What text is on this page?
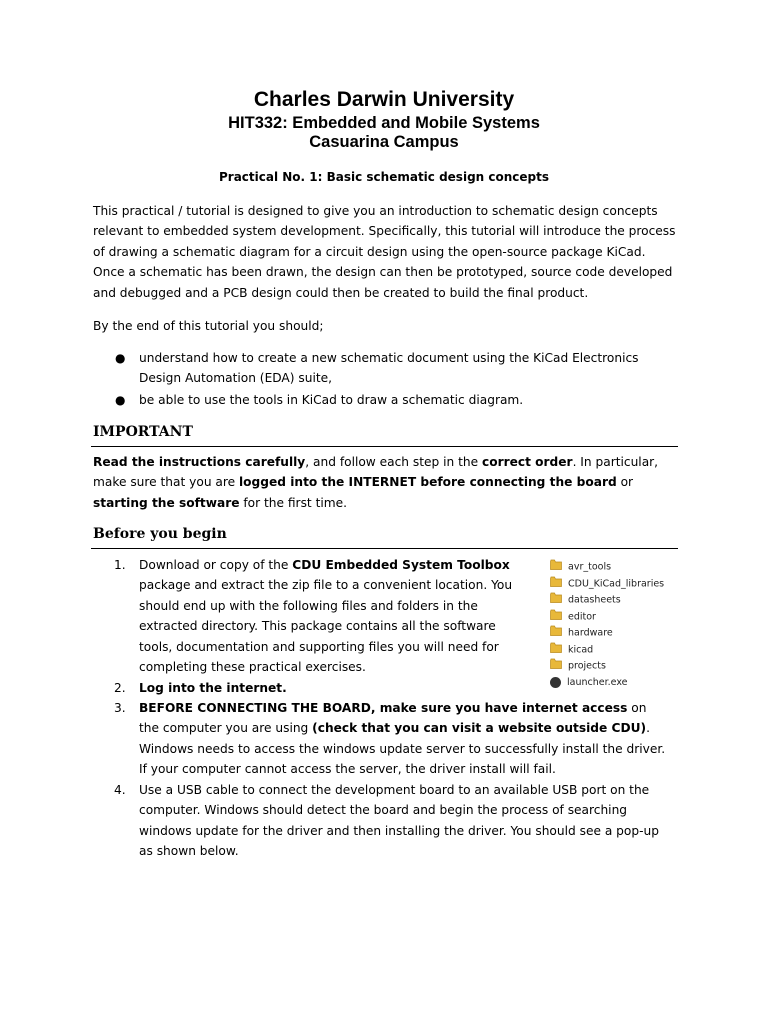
Charles Darwin University
HIT332: Embedded and Mobile Systems
Casuarina Campus
Practical No. 1: Basic schematic design concepts
This practical / tutorial is designed to give you an introduction to schematic design concepts relevant to embedded system development. Specifically, this tutorial will introduce the process of drawing a schematic diagram for a circuit design using the open-source package KiCad. Once a schematic has been drawn, the design can then be prototyped, source code developed and debugged and a PCB design could then be created to build the final product.
By the end of this tutorial you should;
● understand how to create a new schematic document using the KiCad Electronics Design Automation (EDA) suite,
● be able to use the tools in KiCad to draw a schematic diagram.
IMPORTANT
Read the instructions carefully, and follow each step in the correct order. In particular, make sure that you are logged into the INTERNET before connecting the board or starting the software for the first time.
Before you begin
1. Download or copy of the CDU Embedded System Toolbox package and extract the zip file to a convenient location. You should end up with the following files and folders in the extracted directory. This package contains all the software tools, documentation and supporting files you will need for completing these practical exercises.
avr_tools
CDU_KiCad_libraries
datasheets
editor
hardware
kicad
projects
launcher.exe
2. Log into the internet.
3. BEFORE CONNECTING THE BOARD, make sure you have internet access on the computer you are using (check that you can visit a website outside CDU). Windows needs to access the windows update server to successfully install the driver. If your computer cannot access the server, the driver install will fail.
4. Use a USB cable to connect the development board to an available USB port on the computer. Windows should detect the board and begin the process of searching windows update for the driver and then installing the driver. You should see a pop-up as shown below.
